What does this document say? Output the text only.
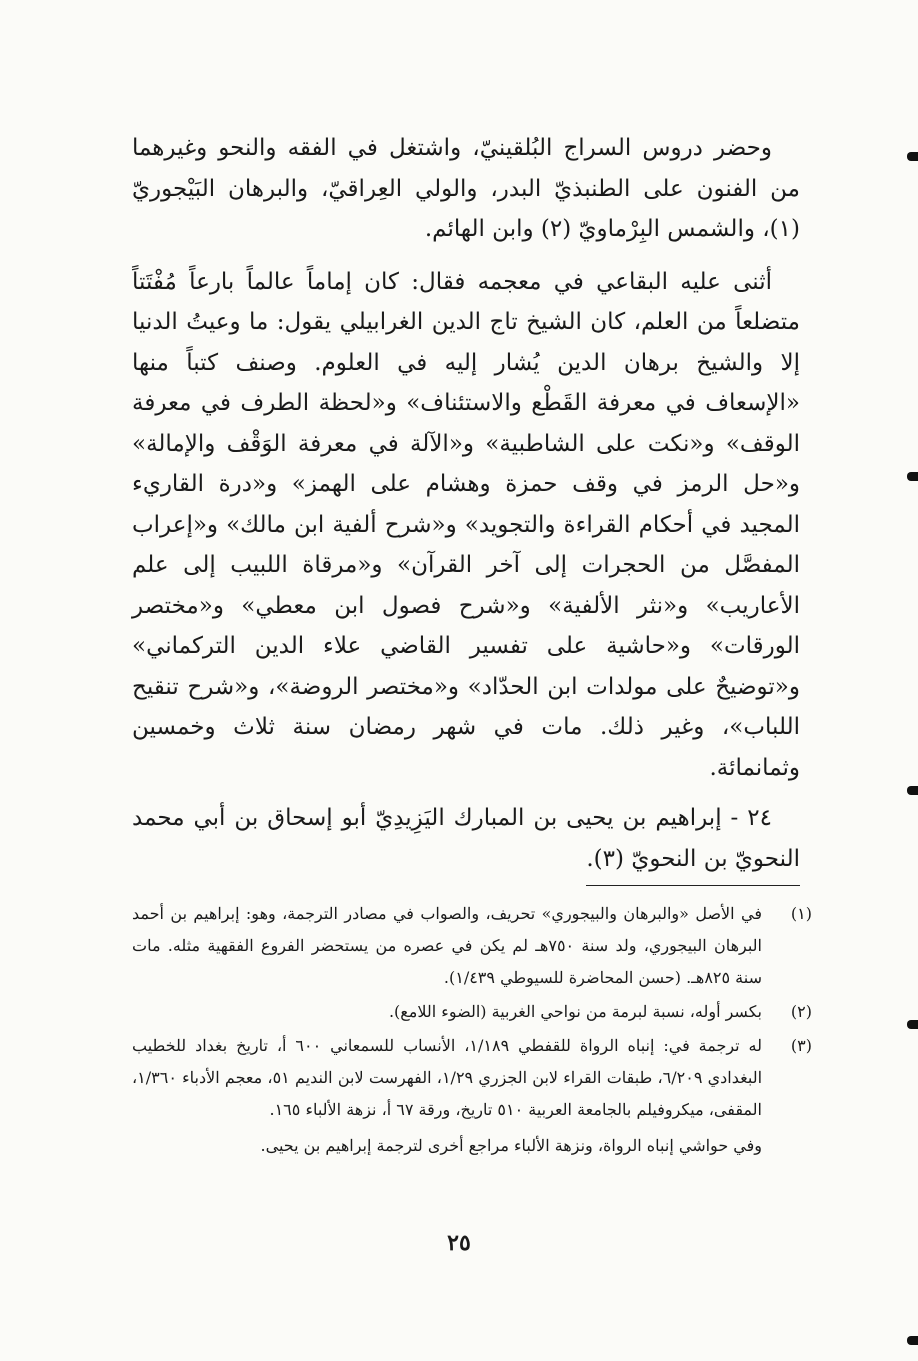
وحضر دروس السراج البُلقينيّ، واشتغل في الفقه والنحو وغيرهما من الفنون على الطنبذيّ البدر، والولي العِراقيّ، والبرهان البَيْجوريّ (١)، والشمس البِرْماويّ (٢) وابن الهائم.

أثنى عليه البقاعي في معجمه فقال: كان إماماً عالماً بارعاً مُفْتَتاً متضلعاً من العلم، كان الشيخ تاج الدين الغرابيلي يقول: ما وعيتُ الدنيا إلا والشيخ برهان الدين يُشار إليه في العلوم. وصنف كتباً منها «الإسعاف في معرفة القَطْع والاستئناف» و«لحظة الطرف في معرفة الوقف» و«نكت على الشاطبية» و«الآلة في معرفة الوَقْف والإمالة» و«حل الرمز في وقف حمزة وهشام على الهمز» و«درة القاريء المجيد في أحكام القراءة والتجويد» و«شرح ألفية ابن مالك» و«إعراب المفصَّل من الحجرات إلى آخر القرآن» و«مرقاة اللبيب إلى علم الأعاريب» و«نثر الألفية» و«شرح فصول ابن معطي» و«مختصر الورقات» و«حاشية على تفسير القاضي علاء الدين التركماني» و«توضيحٌ على مولدات ابن الحدّاد» و«مختصر الروضة»، و«شرح تنقيح اللباب»، وغير ذلك. مات في شهر رمضان سنة ثلاث وخمسين وثمانمائة.

٢٤ - إبراهيم بن يحيى بن المبارك اليَزِيدِيّ أبو إسحاق بن أبي محمد النحويّ بن النحويّ (٣).

(١)
في الأصل «والبرهان والبيجوري» تحريف، والصواب في مصادر الترجمة، وهو: إبراهيم بن أحمد البرهان البيجوري، ولد سنة ٧٥٠هـ لم يكن في عصره من يستحضر الفروع الفقهية مثله. مات سنة ٨٢٥هـ. (حسن المحاضرة للسيوطي ١/٤٣٩).
(٢)
بكسر أوله، نسبة لبرمة من نواحي الغربية (الضوء اللامع).
(٣)
له ترجمة في: إنباه الرواة للقفطي ١/١٨٩، الأنساب للسمعاني ٦٠٠ أ، تاريخ بغداد للخطيب البغدادي ٦/٢٠٩، طبقات القراء لابن الجزري ١/٢٩، الفهرست لابن النديم ٥١، معجم الأدباء ١/٣٦٠، المقفى، ميكروفيلم بالجامعة العربية ٥١٠ تاريخ، ورقة ٦٧ أ، نزهة الألباء ١٦٥.
وفي حواشي إنباه الرواة، ونزهة الألباء مراجع أخرى لترجمة إبراهيم بن يحيى.
٢٥
